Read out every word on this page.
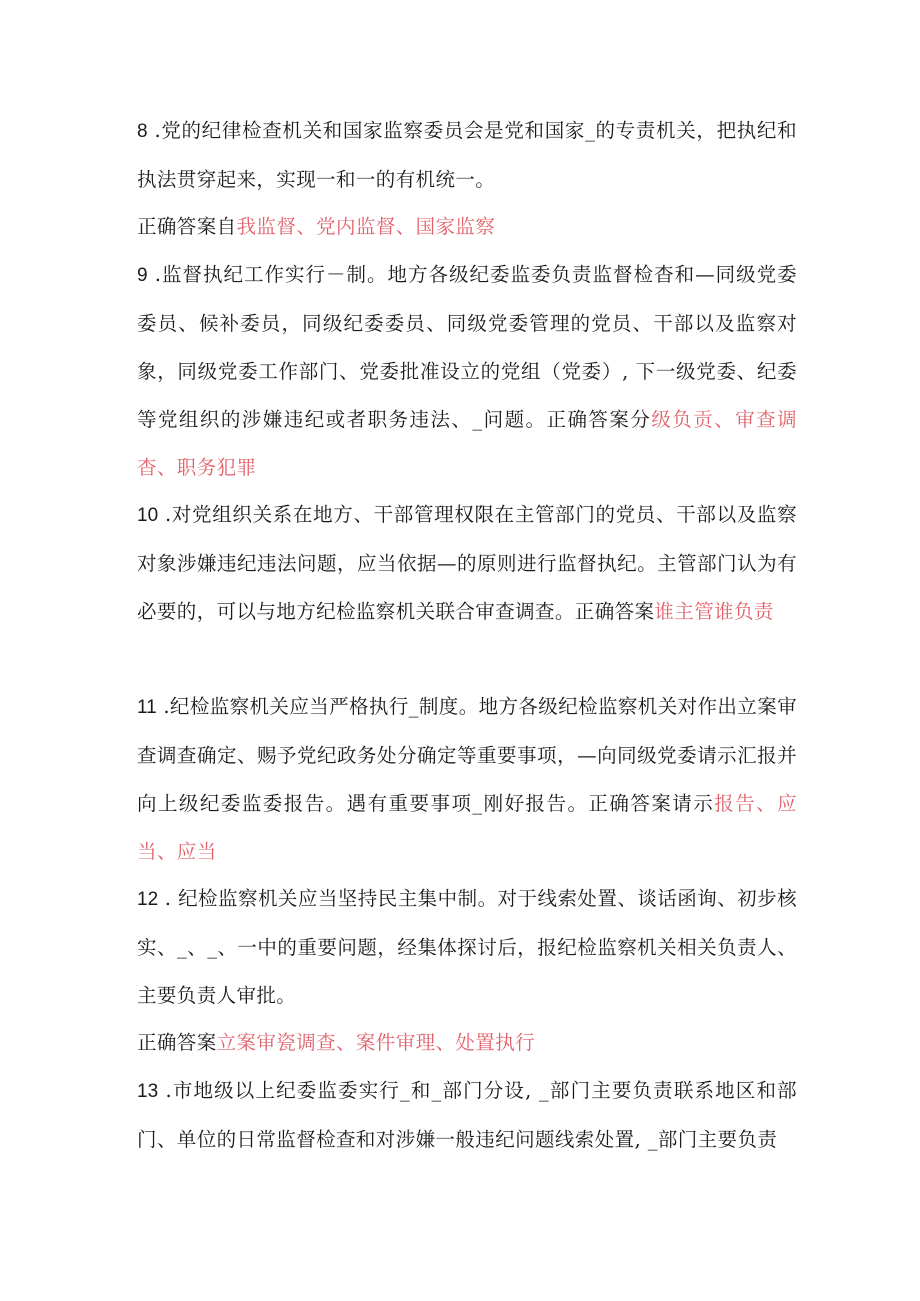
8 .党的纪律检查机关和国家监察委员会是党和国家_的专责机关，把执纪和执法贯穿起来，实现一和一的有机统一。

正确答案自我监督、党内监督、国家监察

9 .监督执纪工作实行－制。地方各级纪委监委负责监督检杳和—同级党委委员、候补委员，同级纪委委员、同级党委管理的党员、干部以及监察对象，同级党委工作部门、党委批准设立的党组（党委）, 下一级党委、纪委等党组织的涉嫌违纪或者职务违法、_问题。正确答案分级负贡、审查调杳、职务犯罪

10 .对党组织关系在地方、干部管理权限在主管部门的党员、干部以及监察对象涉嫌违纪违法问题，应当依据—的原则进行监督执纪。主管部门认为有必要的，可以与地方纪检监察机关联合审查调查。正确答案谁主管谁负责

11 .纪检监察机关应当严格执行_制度。地方各级纪检监察机关对作出立案审查调查确定、赐予党纪政务处分确定等重要事项，—向同级党委请示汇报并向上级纪委监委报告。遇有重要事项_刚好报告。正确答案请示报告、应当、应当

12 . 纪检监察机关应当坚持民主集中制。对于线索处置、谈话函询、初步核实、_、_、一中的重要问题，经集体探讨后，报纪检监察机关相关负责人、主要负责人审批。

正确答案立案审瓷调查、案件审理、处置执行

13 .市地级以上纪委监委实行_和_部门分设, _部门主要负责联系地区和部门、单位的日常监督检查和对涉嫌一般违纪问题线索处置, _部门主要负责
